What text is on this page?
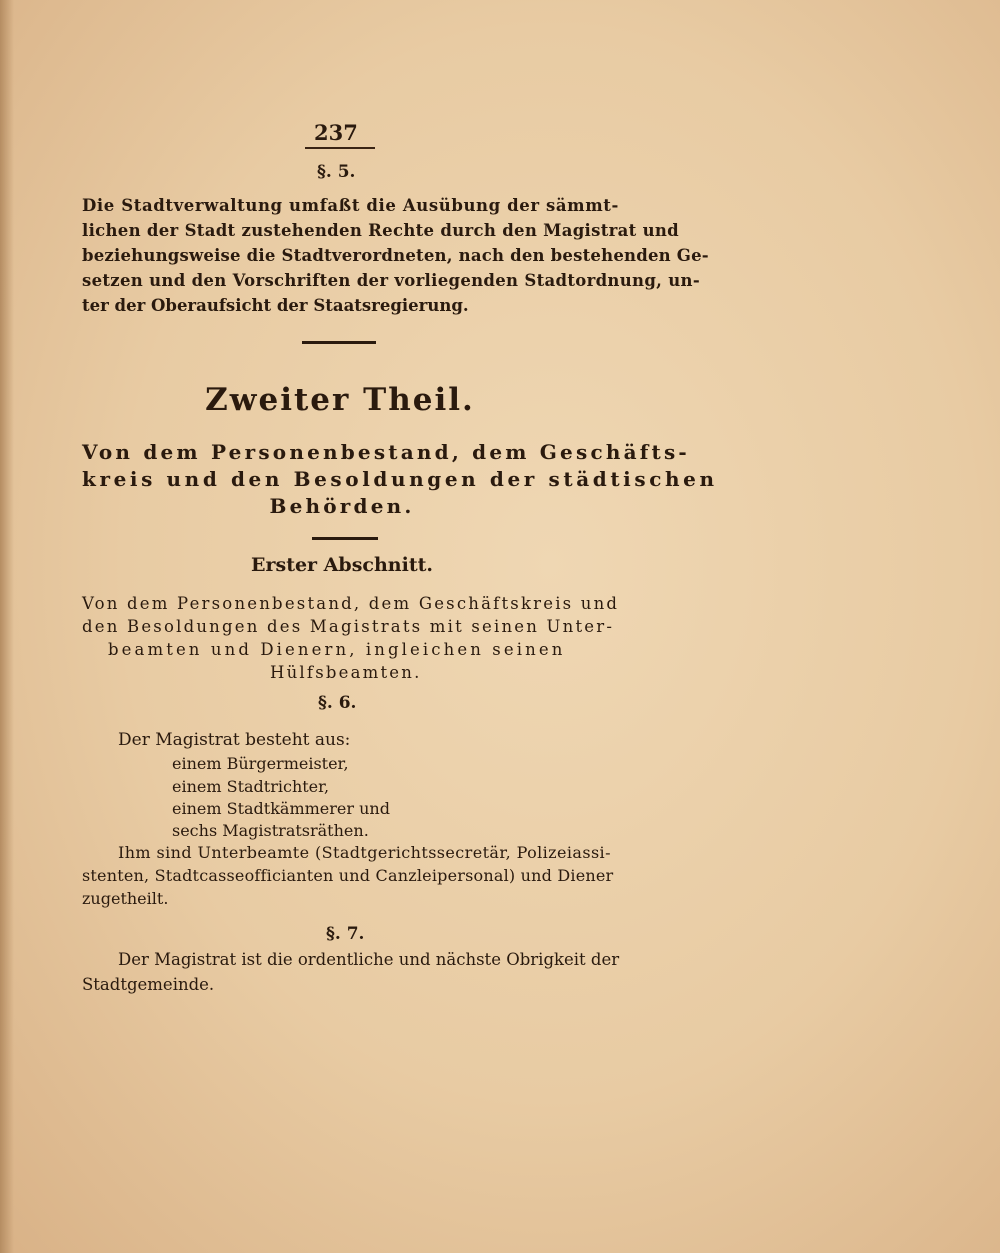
237
§. 5.
Die Stadtverwaltung umfaßt die Ausübung der sämmt-
lichen der Stadt zustehenden Rechte durch den Magistrat und
beziehungsweise die Stadtverordneten, nach den bestehenden Ge-
setzen und den Vorschriften der vorliegenden Stadtordnung, un-
ter der Oberaufsicht der Staatsregierung.
Zweiter Theil.
Von dem Personenbestand, dem Geschäfts-
kreis und den Besoldungen der städtischen
Behörden.
Erster Abschnitt.
Von dem Personenbestand, dem Geschäftskreis und
den Besoldungen des Magistrats mit seinen Unter-
beamten und Dienern, ingleichen seinen
Hülfsbeamten.
§. 6.
Der Magistrat besteht aus:
einem Bürgermeister,
einem Stadtrichter,
einem Stadtkämmerer und
sechs Magistratsräthen.
Ihm sind Unterbeamte (Stadtgerichtssecretär, Polizeiassi-
stenten, Stadtcasseofficianten und Canzleipersonal) und Diener
zugetheilt.
§. 7.
Der Magistrat ist die ordentliche und nächste Obrigkeit der
Stadtgemeinde.
